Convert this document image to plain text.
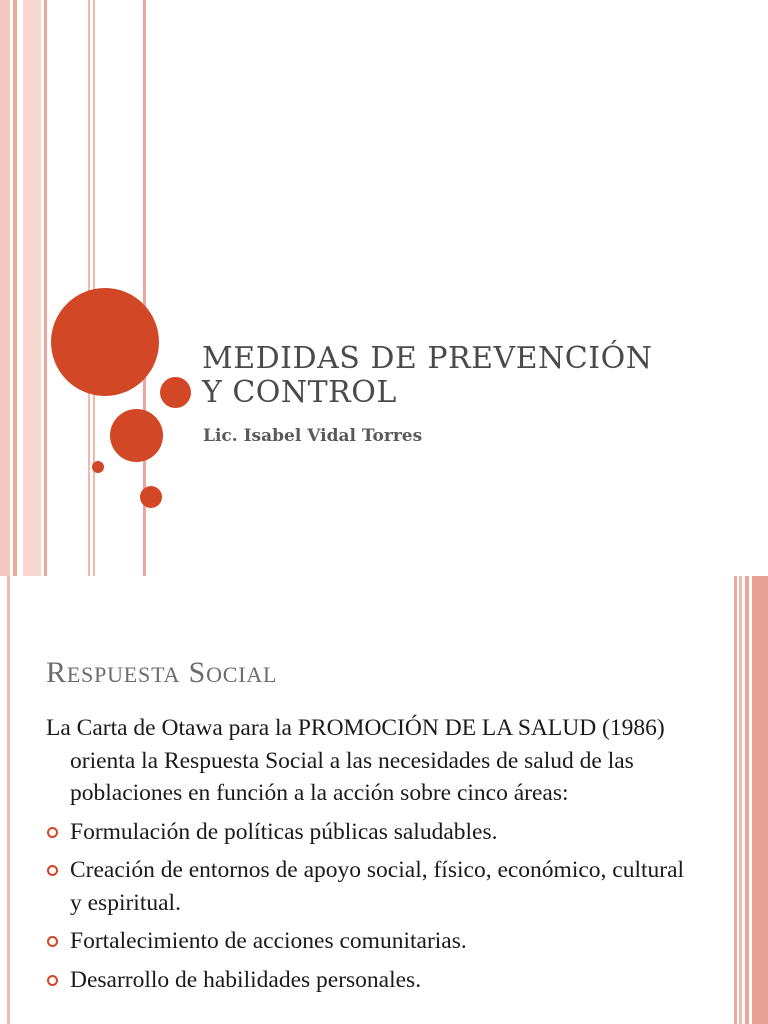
MEDIDAS DE PREVENCIÓN
Y CONTROL

Lic. Isabel Vidal Torres

RESPUESTA SOCIAL

La Carta de Otawa para la PROMOCIÓN DE LA SALUD (1986) orienta la Respuesta Social a las necesidades de salud de las poblaciones en función a la acción sobre cinco áreas:

Formulación de políticas públicas saludables.
Creación de entornos de apoyo social, físico, económico, cultural y espiritual.
Fortalecimiento de acciones comunitarias.
Desarrollo de habilidades personales.
